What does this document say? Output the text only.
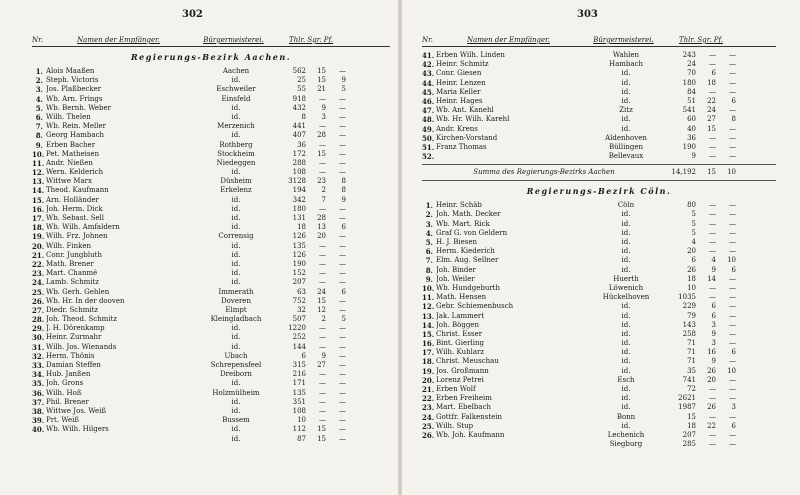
302
Nr.	Namen der Empfänger.	Bürgermeisterei.	Thlr. Sgr. Pf.
Regierungs-Bezirk Aachen.
1. Alois Maaßen	Aachen	562	15	—
2. Steph. Victoris	id.	25	15	9
3. Jos. Plaßbecker	Eschweiler	55	21	5
4. Wb. Arn. Frings	Einsfeld	918	—	—
5. Wb. Bernh. Weber	id.	432	9	—
6. Wilh. Thelen	id.	8	3	—
7. Wb. Rein. Meller	Merzenich	441	—	—
8. Georg Hambach	id.	407	28	—
9. Erben Bacher	Rothberg	36	—	—
10. Pet. Matheisen	Stockheim	172	15	—
11. Andr. Nießen	Niedeggen	288	—	—
12. Wern. Kelderich	id.	108	—	—
13. Wittwe Marx	Düsheim	3128	23	8
14. Theod. Kaufmann	Erkelenz	194	2	8
15. Arn. Holländer	id.	342	7	9
16. Joh. Herm. Dick	id.	180	—	—
17. Wb. Sebast. Sell	id.	131	28	—
18. Wb. Wilh. Amfaldern	id.	18	13	6
19. Wilh. Frz. Johnen	Corrensig	126	20	—
20. Wilh. Finken	id.	135	—	—
21. Conr. Jungbluth	id.	126	—	—
22. Math. Brener	id.	190	—	—
23. Mart. Chanmé	id.	152	—	—
24. Lamb. Schmitz	id.	207	—	—
25. Wb. Gerh. Gehlen	Immerath	63	24	6
26. Wb. Hr. In der dooven	Doveren	752	15	—
27. Diedr. Schmitz	Elmpt	32	12	—
28. Joh. Theod. Schmitz	Kleingladbach	507	2	5
29. J. H. Dörenkamp	id.	1220	—	—
30. Heinr. Zurmahr	id.	252	—	—
31. Wilh. Jos. Wienands	id.	144	—	—
32. Herm. Thönis	Ubach	6	9	—
33. Damian Steffen	Schrepensfeel	315	27	—
34. Hub. Janßen	Dreiborn	216	—	—
35. Joh. Grons	id.	171	—	—
36. Wilh. Hoß	Holzmülheim	135	—	—
37. Phil. Brener	id.	351	—	—
38. Wittwe Jos. Weiß	id.	108	—	—
39. Prt. Weiß	Bussem	10	—	—
40. Wb. Wilh. Hilgers	id.	112	15	—
id.	87	15	—
303
Nr.	Namen der Empfänger.	Bürgermeisterei.	Thlr. Sgr. Pf.
41. Erben Wilh. Linden	Wahlen	243	—	—
42. Heinr. Schmitz	Hambach	24	—	—
43. Conr. Giesen	id.	70	6	—
44. Heinr. Lenzen	id.	180	18	—
45. Maria Keller	id.	84	—	—
46. Heinr. Hages	id.	51	22	6
47. Wb. Ant. Kanehl	Zitz	541	24	—
48. Wb. Hr. Wilh. Karehl	id.	60	27	8
49. Andr. Krens	id.	40	15	—
50. Kirchen-Vorstand	Aldenhoven	36	—	—
51. Franz Thomas	Büllingen	190	—	—
52.	Bellevaux	9	—	—
Summa des Regierungs-Bezirks Aachen	14,192	15	10
Regierungs-Bezirk Cöln.
1. Heinr. Schäb	Cöln	80	—	—
2. Joh. Math. Decker	id.	5	—	—
3. Wb. Mart. Rick	id.	5	—	—
4. Graf G. von Geldern	id.	5	—	—
5. H. J. Biesen	id.	4	—	—
6. Herm. Kiederich	id.	20	—	—
7. Elm. Aug. Sellner	id.	6	4	10
8. Joh. Binder	id.	26	9	6
9. Joh. Weiler	Huerth	18	14	—
10. Wb. Hundgeburth	Löwenich	10	—	—
11. Math. Hensen	Hückelhoven	1035	—	—
12. Gebr. Schiemenbusch	id.	229	6	—
13. Jak. Lammert	id.	79	6	—
14. Joh. Böggen	id.	143	3	—
15. Christ. Esser	id.	258	9	—
16. Bint. Gierling	id.	71	3	—
17. Wilh. Kuhlarz	id.	71	16	6
18. Christ. Meuschau	id.	71	9	—
19. Jos. Großmann	id.	35	26	10
20. Lorenz Petrei	Esch	741	20	—
21. Erben Wolf	id.	72	—	—
22. Erben Freiheim	id.	2621	—	—
23. Mart. Ebelbach	id.	1987	26	3
24. Gottfr. Falkenstein	Bonn	15	—	—
25. Wilh. Stup	id.	18	22	6
26. Wb. Joh. Kaufmann	Lechenich	207	—	—
Siegburg	285	—	—
